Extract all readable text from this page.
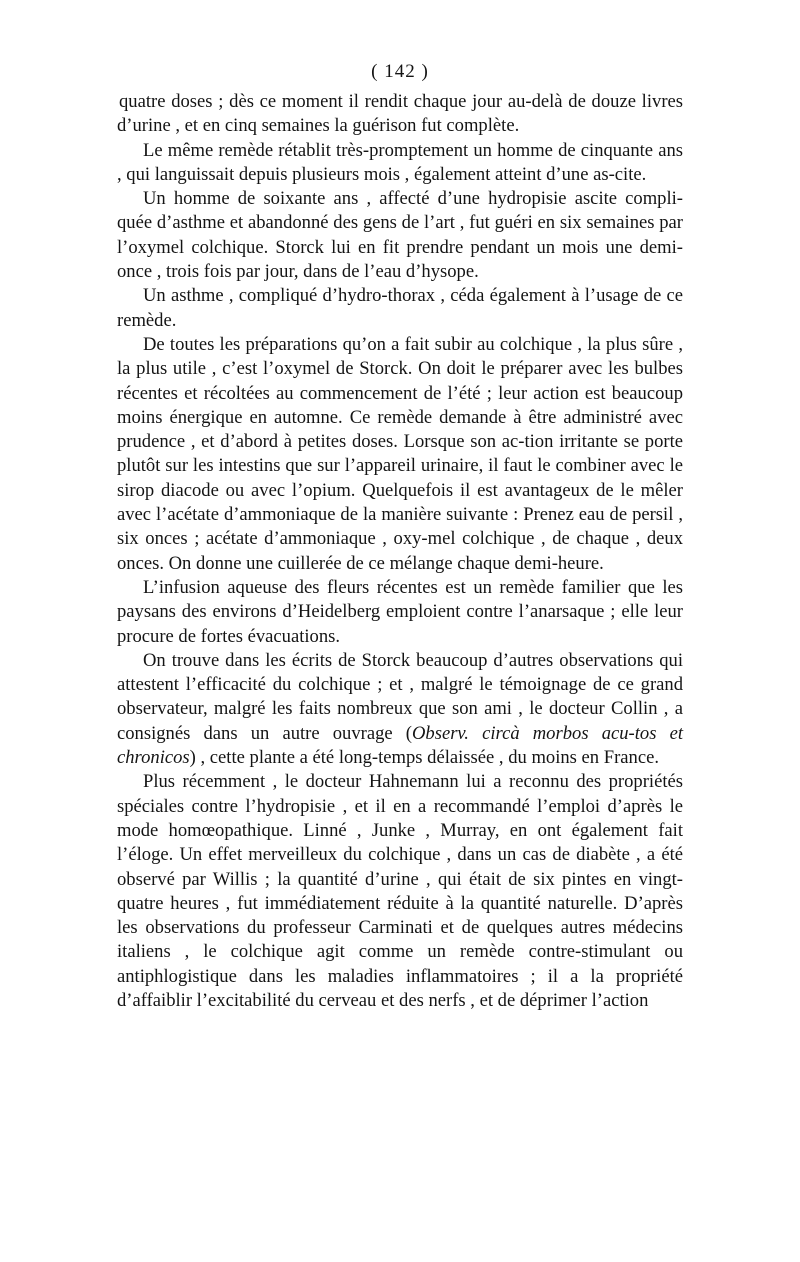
( 142 )

quatre doses ; dès ce moment il rendit chaque jour au-delà de douze livres d’urine , et en cinq semaines la guérison fut complète.

Le même remède rétablit très-promptement un homme de cinquante ans , qui languissait depuis plusieurs mois , également atteint d’une as-cite.

Un homme de soixante ans , affecté d’une hydropisie ascite compli-quée d’asthme et abandonné des gens de l’art , fut guéri en six semaines par l’oxymel colchique. Storck lui en fit prendre pendant un mois une demi-once , trois fois par jour, dans de l’eau d’hysope.

Un asthme , compliqué d’hydro-thorax , céda également à l’usage de ce remède.

De toutes les préparations qu’on a fait subir au colchique , la plus sûre , la plus utile , c’est l’oxymel de Storck. On doit le préparer avec les bulbes récentes et récoltées au commencement de l’été ; leur action est beaucoup moins énergique en automne. Ce remède demande à être administré avec prudence , et d’abord à petites doses. Lorsque son ac-tion irritante se porte plutôt sur les intestins que sur l’appareil urinaire, il faut le combiner avec le sirop diacode ou avec l’opium. Quelquefois il est avantageux de le mêler avec l’acétate d’ammoniaque de la manière suivante : Prenez eau de persil , six onces ; acétate d’ammoniaque , oxy-mel colchique , de chaque , deux onces. On donne une cuillerée de ce mélange chaque demi-heure.

L’infusion aqueuse des fleurs récentes est un remède familier que les paysans des environs d’Heidelberg emploient contre l’anarsaque ; elle leur procure de fortes évacuations.

On trouve dans les écrits de Storck beaucoup d’autres observations qui attestent l’efficacité du colchique ; et , malgré le témoignage de ce grand observateur, malgré les faits nombreux que son ami , le docteur Collin , a consignés dans un autre ouvrage (Observ. circà morbos acu-tos et chronicos) , cette plante a été long-temps délaissée , du moins en France.

Plus récemment , le docteur Hahnemann lui a reconnu des propriétés spéciales contre l’hydropisie , et il en a recommandé l’emploi d’après le mode homœopathique. Linné , Junke , Murray, en ont également fait l’éloge. Un effet merveilleux du colchique , dans un cas de diabète , a été observé par Willis ; la quantité d’urine , qui était de six pintes en vingt-quatre heures , fut immédiatement réduite à la quantité naturelle. D’après les observations du professeur Carminati et de quelques autres médecins italiens , le colchique agit comme un remède contre-stimulant ou antiphlogistique dans les maladies inflammatoires ; il a la propriété d’affaiblir l’excitabilité du cerveau et des nerfs , et de déprimer l’action
